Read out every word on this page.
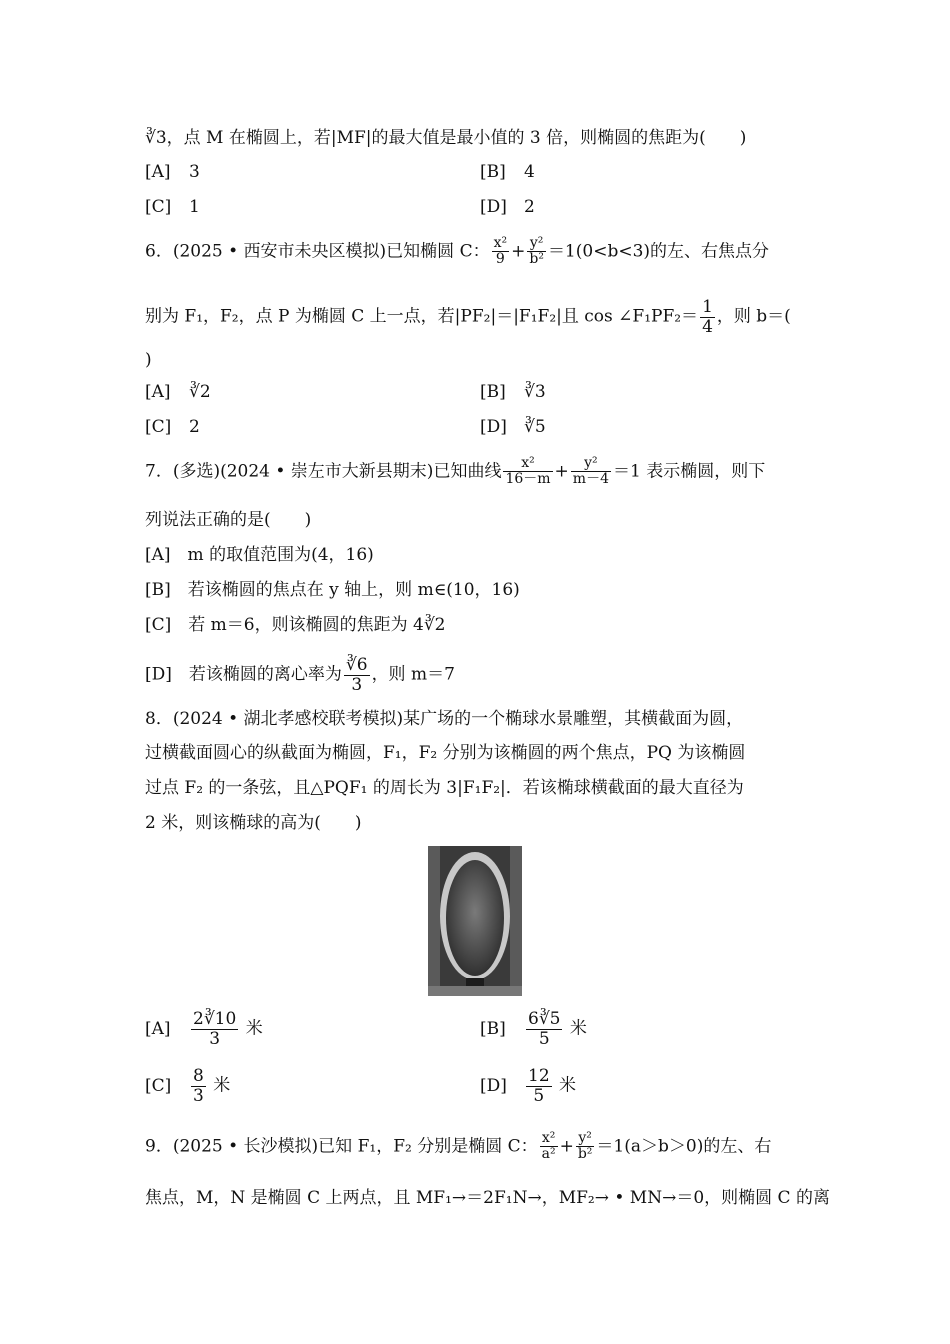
∛3，点 M 在椭圆上，若|MF|的最大值是最小值的 3 倍，则椭圆的焦距为(　　)
[A] 3	[B] 4
[C] 1	[D] 2
6．(2025 • 西安市未央区模拟)已知椭圆 C： $\frac{\text{x²}}{9} + \frac{\text{y²}}{\text{b²}} =1(0<b<3)$的左、右焦点分
别为 F₁，F₂，点 P 为椭圆 C 上一点，若|PF₂|＝|F₁F₂|且 cos ∠F₁PF₂＝ $\frac{1}{4}$ ，则 b＝(
)
[A] ∛2	[B] ∛3
[C] 2	[D] ∛5
7．(多选)(2024 • 崇左市大新县期末)已知曲线 $\frac{\text{x²}}{16-m} + \frac{\text{y²}}{m-4} =1$ 表示椭圆，则下
列说法正确的是(　　)
[A]　m 的取值范围为(4，16)
[B]　若该椭圆的焦点在 y 轴上，则 m∈(10，16)
[C]　若 m＝6，则该椭圆的焦距为 4∛2
[D]　若该椭圆的离心率为 $\frac{∛6}{3}$ ，则 m＝7
8．(2024 • 湖北孝感校联考模拟)某广场的一个椭球水景雕塑，其横截面为圆，
过横截面圆心的纵截面为椭圆，F₁，F₂ 分别为该椭圆的两个焦点，PQ 为该椭圆
过点 F₂ 的一条弦，且△PQF₁ 的周长为 3|F₁F₂|．若该椭球横截面的最大直径为
2 米，则该椭球的高为(　　)
$[A] \frac{2∛10}{3}$ 米	$[B] \frac{6∛5}{5}$ 米
$[C] \frac{8}{3}$ 米	$[D] \frac{12}{5}$ 米
9．(2025 • 长沙模拟)已知 F₁，F₂ 分别是椭圆 C： $\frac{\text{x²}}{\text{a²}} + \frac{\text{y²}}{\text{b²}} =1(a>b>0)$的左、右
焦点，M，N 是椭圆 C 上两点，且 MF₁→＝2F₁N→，MF₂→ • MN→＝0，则椭圆 C 的离
